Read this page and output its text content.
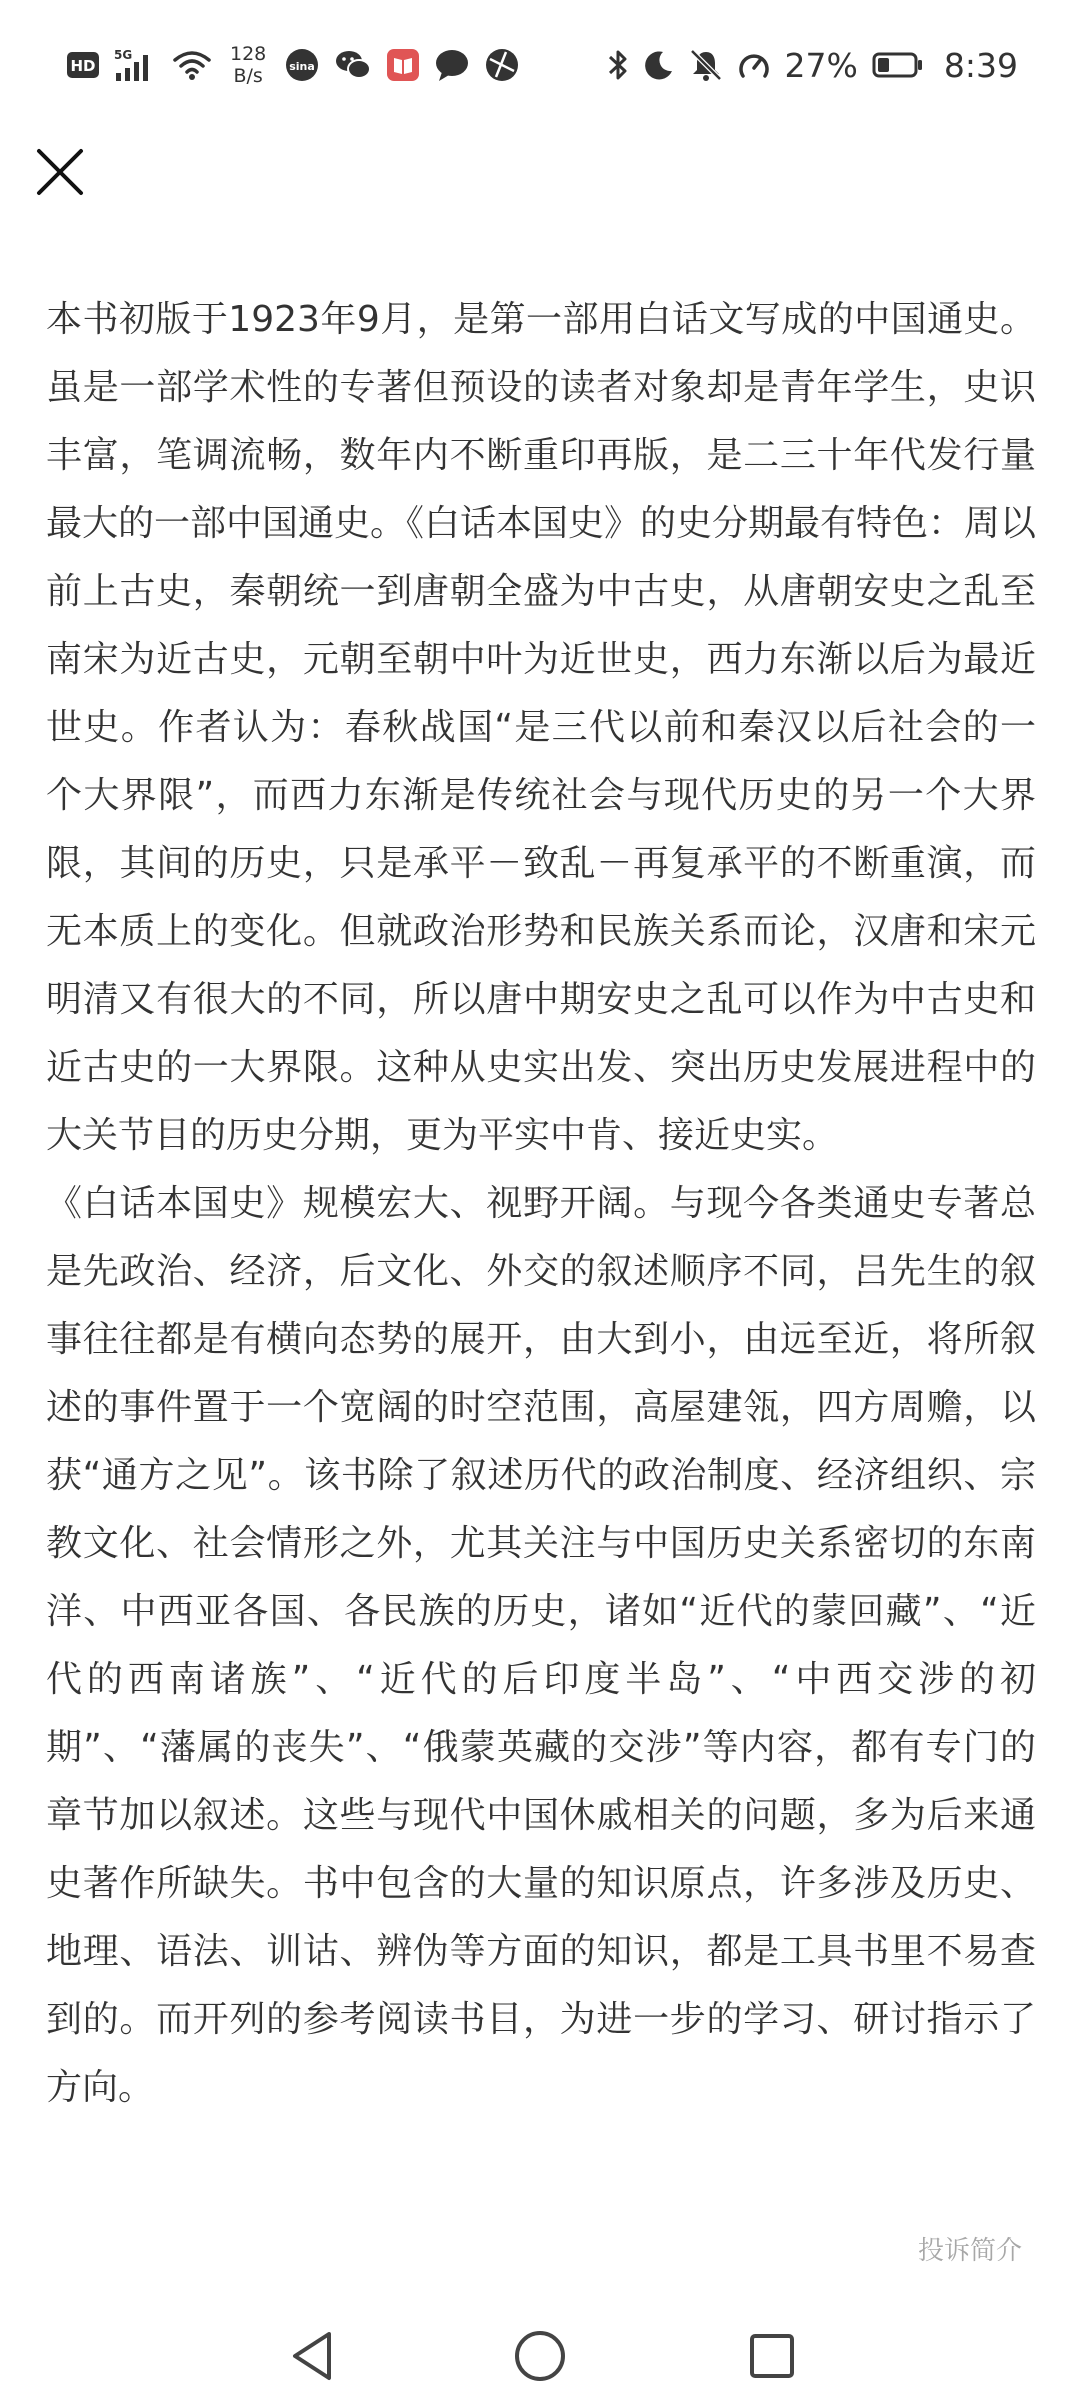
HD
5G	128
B/s sina	27%	8:39

本书初版于1923年9月，是第一部用白话文写成的中国通史。虽是一部学术性的专著但预设的读者对象却是青年学生，史识丰富，笔调流畅，数年内不断重印再版，是二三十年代发行量最大的一部中国通史。《白话本国史》的史分期最有特色：周以前上古史，秦朝统一到唐朝全盛为中古史，从唐朝安史之乱至南宋为近古史，元朝至朝中叶为近世史，西力东渐以后为最近世史。作者认为：春秋战国“是三代以前和秦汉以后社会的一个大界限”，而西力东渐是传统社会与现代历史的另一个大界限，其间的历史，只是承平－致乱－再复承平的不断重演，而无本质上的变化。但就政治形势和民族关系而论，汉唐和宋元明清又有很大的不同，所以唐中期安史之乱可以作为中古史和近古史的一大界限。这种从史实出发、突出历史发展进程中的大关节目的历史分期，更为平实中肯、接近史实。

《白话本国史》规模宏大、视野开阔。与现今各类通史专著总是先政治、经济，后文化、外交的叙述顺序不同，吕先生的叙事往往都是有横向态势的展开，由大到小，由远至近，将所叙述的事件置于一个宽阔的时空范围，高屋建瓴，四方周赡，以获“通方之见”。该书除了叙述历代的政治制度、经济组织、宗教文化、社会情形之外，尤其关注与中国历史关系密切的东南洋、中西亚各国、各民族的历史，诸如“近代的蒙回藏”、“近代的西南诸族”、“近代的后印度半岛”、“中西交涉的初期”、“藩属的丧失”、“俄蒙英藏的交涉”等内容，都有专门的章节加以叙述。这些与现代中国休戚相关的问题，多为后来通史著作所缺失。书中包含的大量的知识原点，许多涉及历史、地理、语法、训诂、辨伪等方面的知识，都是工具书里不易查到的。而开列的参考阅读书目，为进一步的学习、研讨指示了方向。

投诉简介
